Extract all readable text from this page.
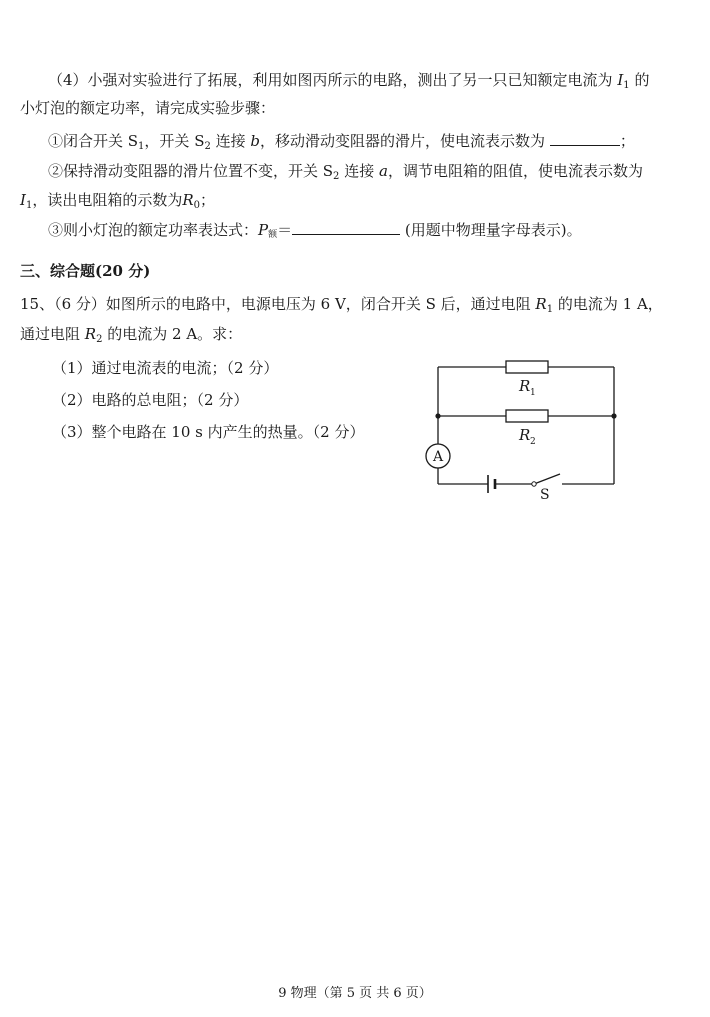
（4）小强对实验进行了拓展，利用如图丙所示的电路，测出了另一只已知额定电流为 $I_1$ 的
小灯泡的额定功率，请完成实验步骤：
①闭合开关 $S_1$，开关 $S_2$ 连接 b，移动滑动变阻器的滑片，使电流表示数为	；
②保持滑动变阻器的滑片位置不变，开关 $S_2$ 连接 a，调节电阻箱的阻值，使电流表示数为
$I_1$，读出电阻箱的示数为$R_0$；
③则小灯泡的额定功率表达式：$P_额=$	(用题中物理量字母表示)。
三、综合题(20 分)
15、（6 分）如图所示的电路中，电源电压为 6 V，闭合开关 S 后，通过电阻 $R_1$ 的电流为 1 A，
通过电阻 $R_2$ 的电流为 2 A。求：
（1）通过电流表的电流；（2 分）
（2）电路的总电阻；（2 分）
（3）整个电路在 10 s 内产生的热量。（2 分）
R 1
R 2
A
S
9 物理（第 5 页 共 6 页）
